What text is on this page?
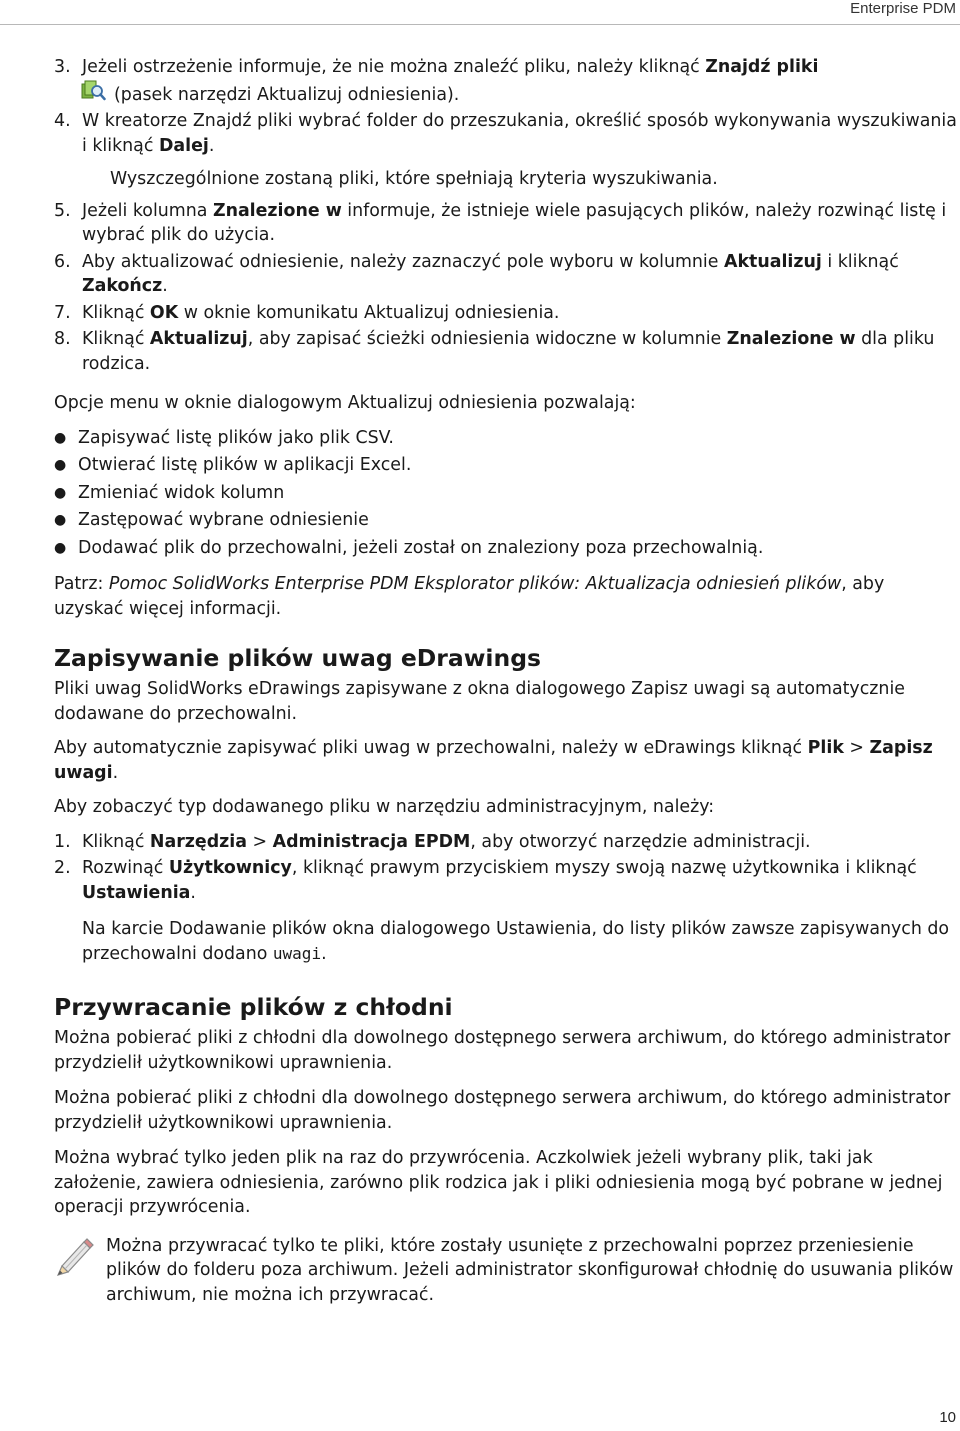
Enterprise PDM
3. Jeżeli ostrzeżenie informuje, że nie można znaleźć pliku, należy kliknąć Znajdź pliki
(pasek narzędzi Aktualizuj odniesienia).
4. W kreatorze Znajdź pliki wybrać folder do przeszukania, określić sposób wykonywania wyszukiwania i kliknąć Dalej.
Wyszczególnione zostaną pliki, które spełniają kryteria wyszukiwania.
5. Jeżeli kolumna Znalezione w informuje, że istnieje wiele pasujących plików, należy rozwinąć listę i wybrać plik do użycia.
6. Aby aktualizować odniesienie, należy zaznaczyć pole wyboru w kolumnie Aktualizuj i kliknąć Zakończ.
7. Kliknąć OK w oknie komunikatu Aktualizuj odniesienia.
8. Kliknąć Aktualizuj, aby zapisać ścieżki odniesienia widoczne w kolumnie Znalezione w dla pliku rodzica.

Opcje menu w oknie dialogowym Aktualizuj odniesienia pozwalają:

● Zapisywać listę plików jako plik CSV.
● Otwierać listę plików w aplikacji Excel.
● Zmieniać widok kolumn
● Zastępować wybrane odniesienie
● Dodawać plik do przechowalni, jeżeli został on znaleziony poza przechowalnią.

Patrz: Pomoc SolidWorks Enterprise PDM Eksplorator plików: Aktualizacja odniesień plików, aby uzyskać więcej informacji.

Zapisywanie plików uwag eDrawings

Pliki uwag SolidWorks eDrawings zapisywane z okna dialogowego Zapisz uwagi są automatycznie dodawane do przechowalni.

Aby automatycznie zapisywać pliki uwag w przechowalni, należy w eDrawings kliknąć Plik > Zapisz uwagi.

Aby zobaczyć typ dodawanego pliku w narzędziu administracyjnym, należy:

1. Kliknąć Narzędzia > Administracja EPDM, aby otworzyć narzędzie administracji.
2. Rozwinąć Użytkownicy, kliknąć prawym przyciskiem myszy swoją nazwę użytkownika i kliknąć Ustawienia.
Na karcie Dodawanie plików okna dialogowego Ustawienia, do listy plików zawsze zapisywanych do przechowalni dodano uwagi.
Przywracanie plików z chłodni

Można pobierać pliki z chłodni dla dowolnego dostępnego serwera archiwum, do którego administrator przydzielił użytkownikowi uprawnienia.

Można pobierać pliki z chłodni dla dowolnego dostępnego serwera archiwum, do którego administrator przydzielił użytkownikowi uprawnienia.

Można wybrać tylko jeden plik na raz do przywrócenia. Aczkolwiek jeżeli wybrany plik, taki jak założenie, zawiera odniesienia, zarówno plik rodzica jak i pliki odniesienia mogą być pobrane w jednej operacji przywrócenia.

Można przywracać tylko te pliki, które zostały usunięte z przechowalni poprzez przeniesienie plików do folderu poza archiwum. Jeżeli administrator skonfigurował chłodnię do usuwania plików archiwum, nie można ich przywracać.
10
